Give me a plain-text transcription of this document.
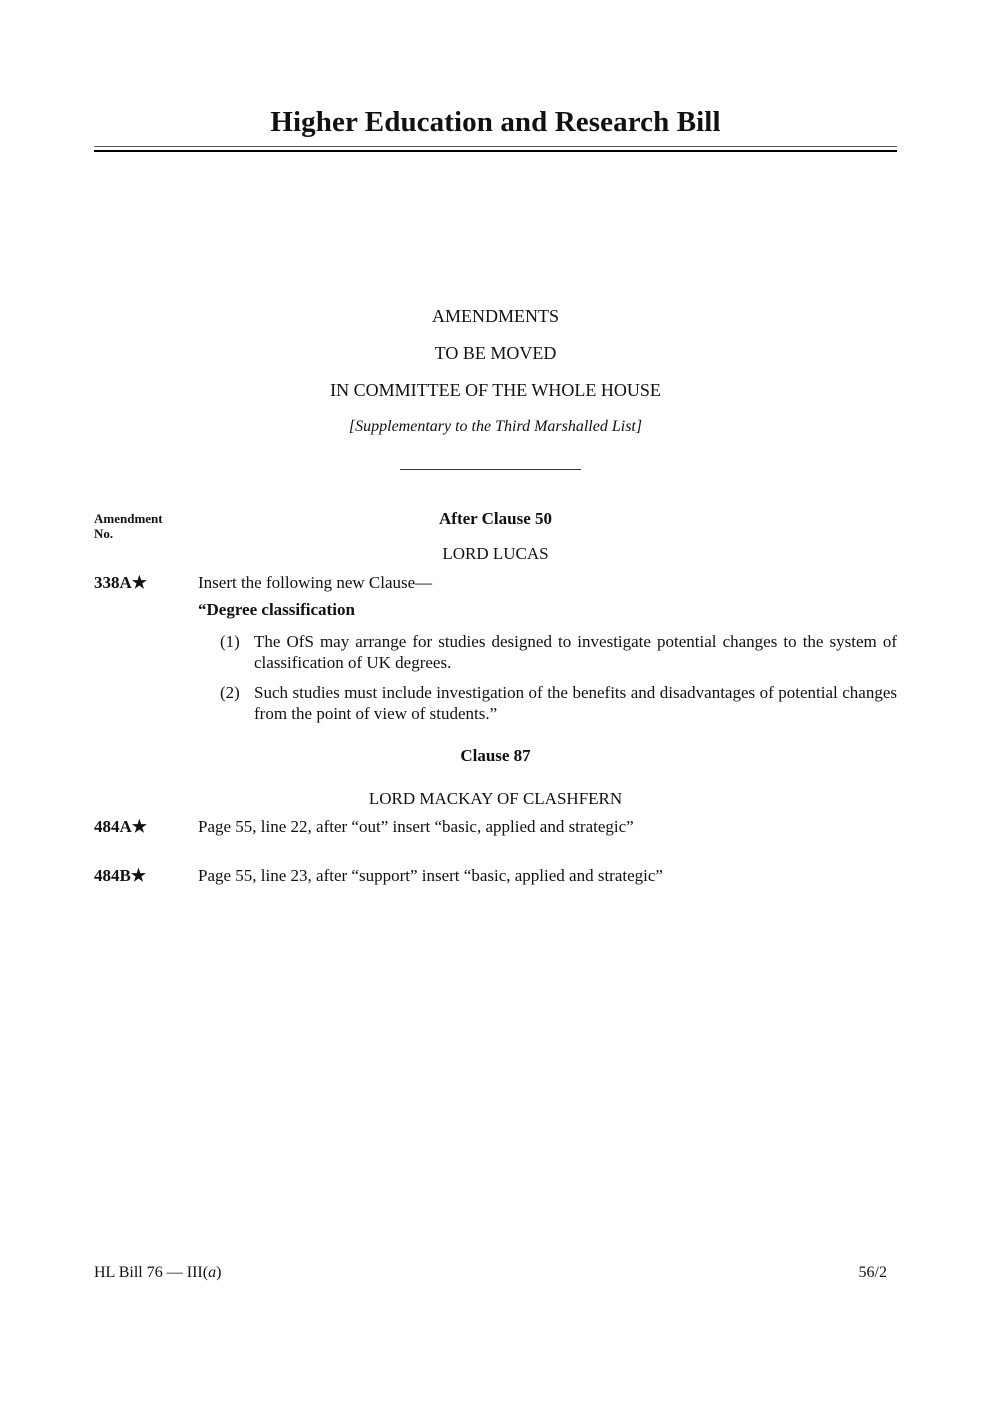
Higher Education and Research Bill
AMENDMENTS
TO BE MOVED
IN COMMITTEE OF THE WHOLE HOUSE
[Supplementary to the Third Marshalled List]
Amendment No.
After Clause 50
LORD LUCAS
338A★	Insert the following new Clause—
“Degree classification
(1) The OfS may arrange for studies designed to investigate potential changes to the system of classification of UK degrees.
(2) Such studies must include investigation of the benefits and disadvantages of potential changes from the point of view of students.”
Clause 87
LORD MACKAY OF CLASHFERN
484A★	Page 55, line 22, after “out” insert “basic, applied and strategic”
484B★	Page 55, line 23, after “support” insert “basic, applied and strategic”
HL Bill 76 — III(a)	56/2
